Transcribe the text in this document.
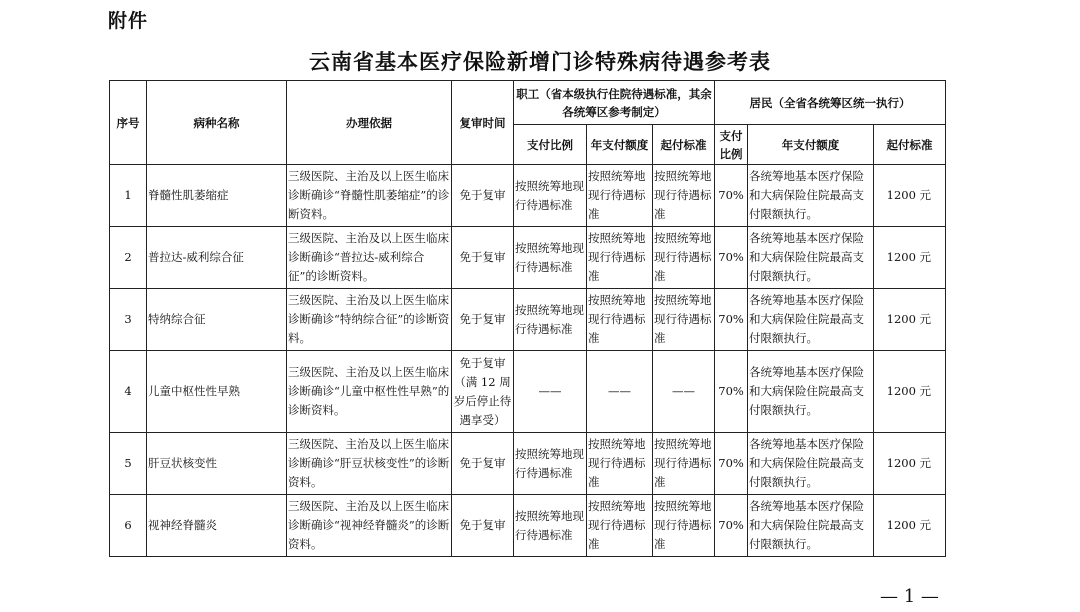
附件
云南省基本医疗保险新增门诊特殊病待遇参考表
序号	病种名称	办理依据	复审时间	职工（省本级执行住院待遇标准，其余各统筹区参考制定）			居民（全省各统筹区统一执行）		
				支付比例	年支付额度	起付标准	支付比例	年支付额度	起付标准
1	脊髓性肌萎缩症	三级医院、主治及以上医生临床诊断确诊“脊髓性肌萎缩症”的诊断资料。	免于复审	按照统筹地现行待遇标准	按照统筹地现行待遇标准	按照统筹地现行待遇标准	70%	各统筹地基本医疗保险和大病保险住院最高支付限额执行。	1200 元
2	普拉达-威利综合征	三级医院、主治及以上医生临床诊断确诊“普拉达-威利综合征”的诊断资料。	免于复审	按照统筹地现行待遇标准	按照统筹地现行待遇标准	按照统筹地现行待遇标准	70%	各统筹地基本医疗保险和大病保险住院最高支付限额执行。	1200 元
3	特纳综合征	三级医院、主治及以上医生临床诊断确诊“特纳综合征”的诊断资料。	免于复审	按照统筹地现行待遇标准	按照统筹地现行待遇标准	按照统筹地现行待遇标准	70%	各统筹地基本医疗保险和大病保险住院最高支付限额执行。	1200 元
4	儿童中枢性性早熟	三级医院、主治及以上医生临床诊断确诊“儿童中枢性性早熟”的诊断资料。	免于复审（满 12 周岁后停止待遇享受）	——	——	——	70%	各统筹地基本医疗保险和大病保险住院最高支付限额执行。	1200 元
5	肝豆状核变性	三级医院、主治及以上医生临床诊断确诊“肝豆状核变性”的诊断资料。	免于复审	按照统筹地现行待遇标准	按照统筹地现行待遇标准	按照统筹地现行待遇标准	70%	各统筹地基本医疗保险和大病保险住院最高支付限额执行。	1200 元
6	视神经脊髓炎	三级医院、主治及以上医生临床诊断确诊“视神经脊髓炎”的诊断资料。	免于复审	按照统筹地现行待遇标准	按照统筹地现行待遇标准	按照统筹地现行待遇标准	70%	各统筹地基本医疗保险和大病保险住院最高支付限额执行。	1200 元
— 1 —
